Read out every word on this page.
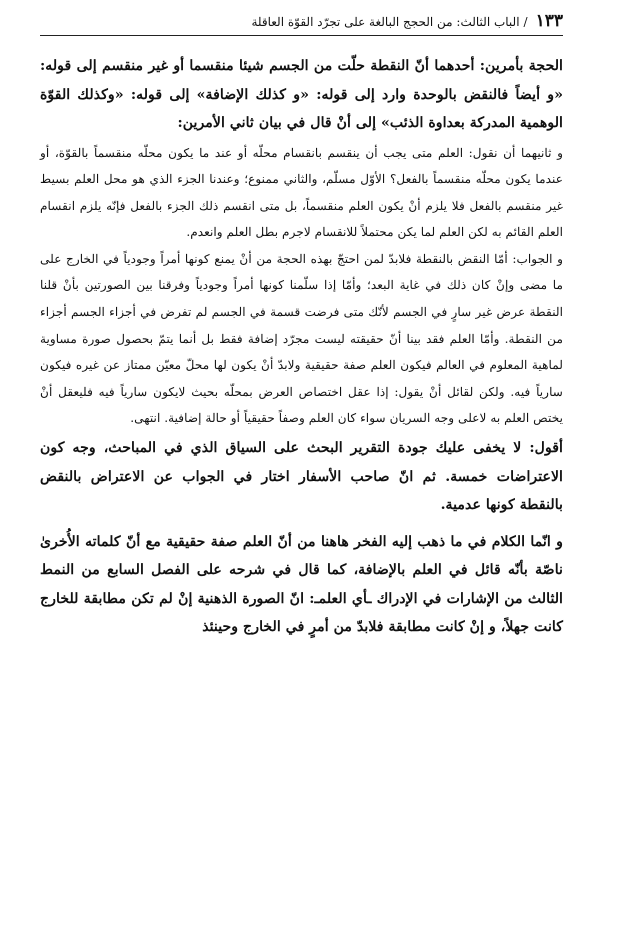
١٣٣/الباب الثالث: من الحجج البالغة على تجرّد القوّة العاقلة

الحجة بأمرين: أحدهما أنّ النقطة حلّت من الجسم شيئا منقسما أو غير منقسم إلى قوله: «و أيضاً فالنقض بالوحدة وارد إلى قوله: «و كذلك الإضافة» إلى قوله: «وكذلك القوّة الوهمية المدركة بعداوة الذئب» إلى أنْ قال في بيان ثاني الأمرين:

و ثانيهما أن نقول: العلم متى يجب أن ينقسم بانقسام محلّه أو عند ما يكون محلّه منقسماً بالقوّة، أو عندما يكون محلّه منقسماً بالفعل؟ الأوّل مسلّم، والثاني ممنوع؛ وعندنا الجزء الذي هو محل العلم بسيط غير منقسم بالفعل فلا يلزم أنْ يكون العلم منقسماً، بل متى انقسم ذلك الجزء بالفعل فإنّه يلزم انقسام العلم القائم به لكن العلم لما يكن محتملاً للانقسام لاجرم بطل العلم وانعدم.

و الجواب: أمّا النقض بالنقطة فلابدّ لمن احتجّ بهذه الحجة من أنْ يمنع كونها أمراً وجودياً في الخارج على ما مضى وإنْ كان ذلك في غاية البعد؛ وأمّا إذا سلّمنا كونها أمراً وجودياً وفرقنا بين الصورتين بأنْ قلنا النقطة عرض غير سارٍ في الجسم لأنّك متى فرضت قسمة في الجسم لم تفرض في أجزاء الجسم أجزاء من النقطة. وأمّا العلم فقد بينا أنّ حقيقته ليست مجرّد إضافة فقط بل أنما يتمّ بحصول صورة مساوية لماهية المعلوم في العالم فيكون العلم صفة حقيقية ولابدّ أنْ يكون لها محلّ معيّن ممتاز عن غيره فيكون سارياً فيه. ولكن لقائل أنْ يقول: إذا عقل اختصاص العرض بمحلّه بحيث لايكون سارياً فيه فليعقل أنْ يختص العلم به لاعلى وجه السريان سواء كان العلم وصفاً حقيقياً أو حالة إضافية. انتهى.

أقول: لا يخفى عليك جودة التقرير البحث على السياق الذي في المباحث، وجه كون الاعتراضات خمسة. ثم انّ صاحب الأسفار اختار في الجواب عن الاعتراض بالنقض بالنقطة كونها عدمية.

و انّما الكلام في ما ذهب إليه الفخر هاهنا من أنّ العلم صفة حقيقية مع أنّ كلماته الأُخرىٰ ناصّة بأنّه قائل في العلم بالإضافة، كما قال في شرحه على الفصل السابع من النمط الثالث من الإشارات في الإدراك ـأي العلمـ: انّ الصورة الذهنية إنْ لم تكن مطابقة للخارج كانت جهلاً، و إنْ كانت مطابقة فلابدّ من أمرٍ في الخارج وحينئذ
